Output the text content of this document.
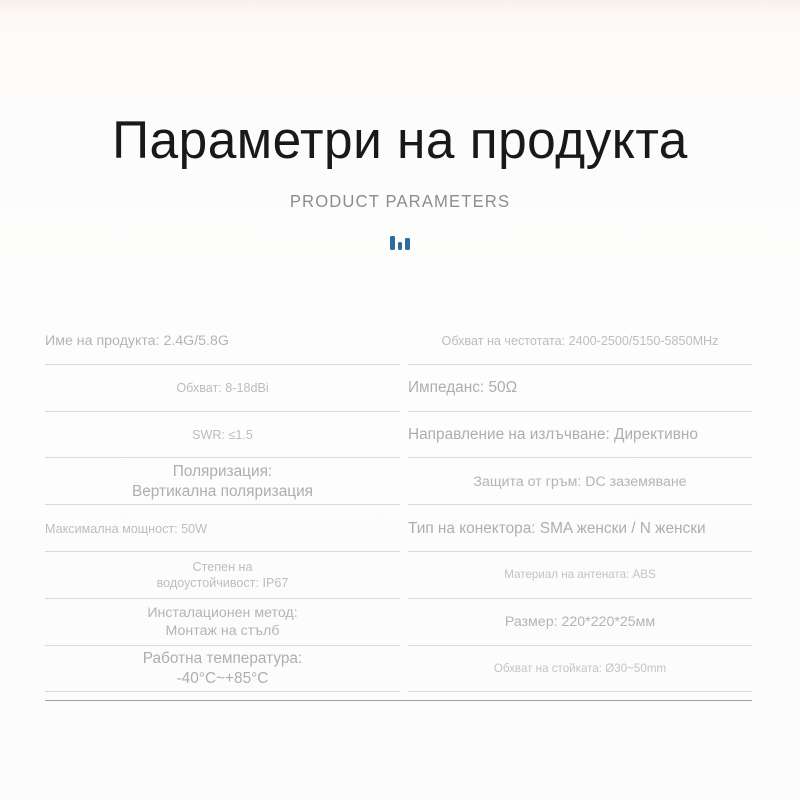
Параметри на продукта
PRODUCT PARAMETERS
Име на продукта: 2.4G/5.8G
Обхват: 8-18dBi
SWR: ≤1.5
Поляризация:
Вертикална поляризация
Максимална мощност: 50W
Степен на
водоустойчивост: IP67
Инсталационен метод:
Монтаж на стълб
Работна температура:
-40°C~+85°C
Обхват на честотата: 2400-2500/5150-5850MHz
Импеданс: 50Ω
Направление на излъчване: Директивно
Защита от гръм: DC заземяване
Тип на конектора: SMA женски / N женски
Материал на антената: ABS
Размер: 220*220*25мм
Обхват на стойката: Ø30~50mm
